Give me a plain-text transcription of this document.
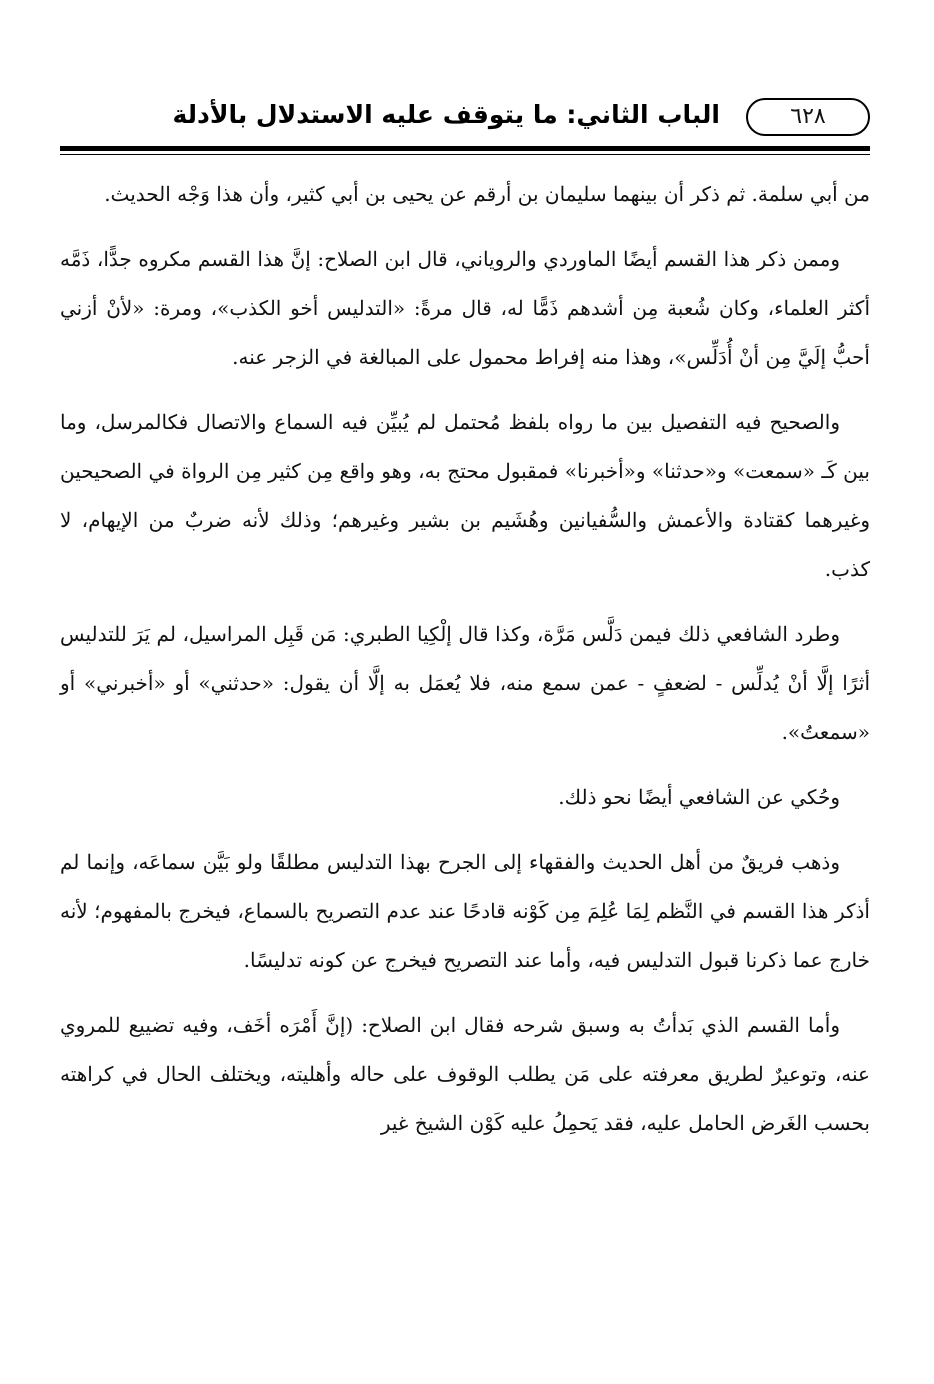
الباب الثاني: ما يتوقف عليه الاستدلال بالأدلة	٦٢٨

من أبي سلمة. ثم ذكر أن بينهما سليمان بن أرقم عن يحيى بن أبي كثير، وأن هذا وَجْه الحديث.

وممن ذكر هذا القسم أيضًا الماوردي والروياني، قال ابن الصلاح: إنَّ هذا القسم مكروه جدًّا، ذَمَّه أكثر العلماء، وكان شُعبة مِن أشدهم ذَمًّا له، قال مرةً: «التدليس أخو الكذب»، ومرة: «لأنْ أزني أحبُّ إلَيَّ مِن أنْ أُدَلِّس»، وهذا منه إفراط محمول على المبالغة في الزجر عنه.

والصحيح فيه التفصيل بين ما رواه بلفظ مُحتمل لم يُبيِّن فيه السماع والاتصال فكالمرسل، وما بين كَـ «سمعت» و«حدثنا» و«أخبرنا» فمقبول محتج به، وهو واقع مِن كثير مِن الرواة في الصحيحين وغيرهما كقتادة والأعمش والسُّفيانين وهُشَيم بن بشير وغيرهم؛ وذلك لأنه ضربٌ من الإيهام، لا كذب.

وطرد الشافعي ذلك فيمن دَلَّس مَرَّة، وكذا قال إلْكِيا الطبري: مَن قَبِل المراسيل، لم يَرَ للتدليس أثرًا إلَّا أنْ يُدلِّس - لضعفٍ - عمن سمع منه، فلا يُعمَل به إلَّا أن يقول: «حدثني» أو «أخبرني» أو «سمعتُ».

وحُكي عن الشافعي أيضًا نحو ذلك.

وذهب فريقٌ من أهل الحديث والفقهاء إلى الجرح بهذا التدليس مطلقًا ولو بَيَّن سماعَه، وإنما لم أذكر هذا القسم في النَّظم لِمَا عُلِمَ مِن كَوْنه قادحًا عند عدم التصريح بالسماع، فيخرج بالمفهوم؛ لأنه خارج عما ذكرنا قبول التدليس فيه، وأما عند التصريح فيخرج عن كونه تدليسًا.

وأما القسم الذي بَدأتُ به وسبق شرحه فقال ابن الصلاح: (إنَّ أَمْرَه أخَف، وفيه تضييع للمروي عنه، وتوعيرٌ لطريق معرفته على مَن يطلب الوقوف على حاله وأهليته، ويختلف الحال في كراهته بحسب الغَرض الحامل عليه، فقد يَحمِلُ عليه كَوْن الشيخ غير
